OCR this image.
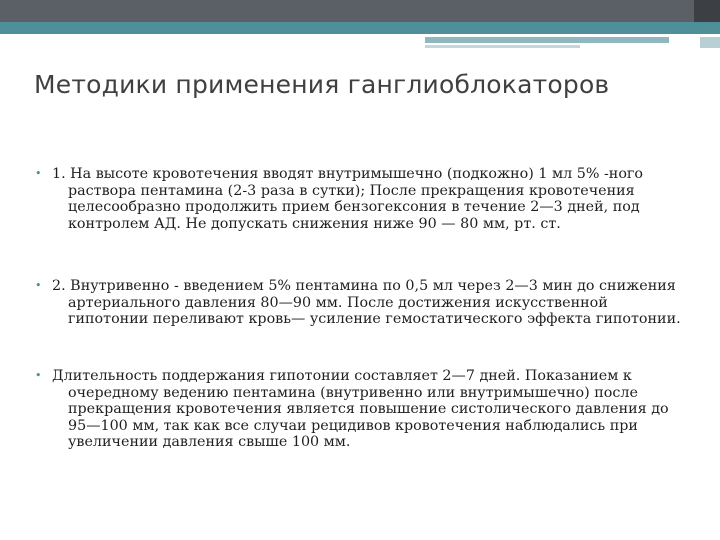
Методики применения ганглиоблокаторов
• 1. На высоте кровотечения вводят внутримышечно (подкожно) 1 мл 5% -ного раствора пентамина (2-3 раза в сутки); После прекращения кровотечения целесообразно продолжить прием бензогексония в течение 2—3 дней, под контролем АД. Не допускать снижения ниже 90 — 80 мм, рт. ст.
• 2. Внутривенно - введением 5% пентамина по 0,5 мл через 2—3 мин до снижения артериального давления 80—90 мм. После достижения искусственной гипотонии переливают кровь— усиление гемостатического эффекта гипотонии.
• Длительность поддержания гипотонии составляет 2—7 дней. Показанием к очередному ведению пентамина (внутривенно или внутримышечно) после прекращения кровотечения является повышение систолического давления до 95—100 мм, так как все случаи рецидивов кровотечения наблюдались при увеличении давления свыше 100 мм.
